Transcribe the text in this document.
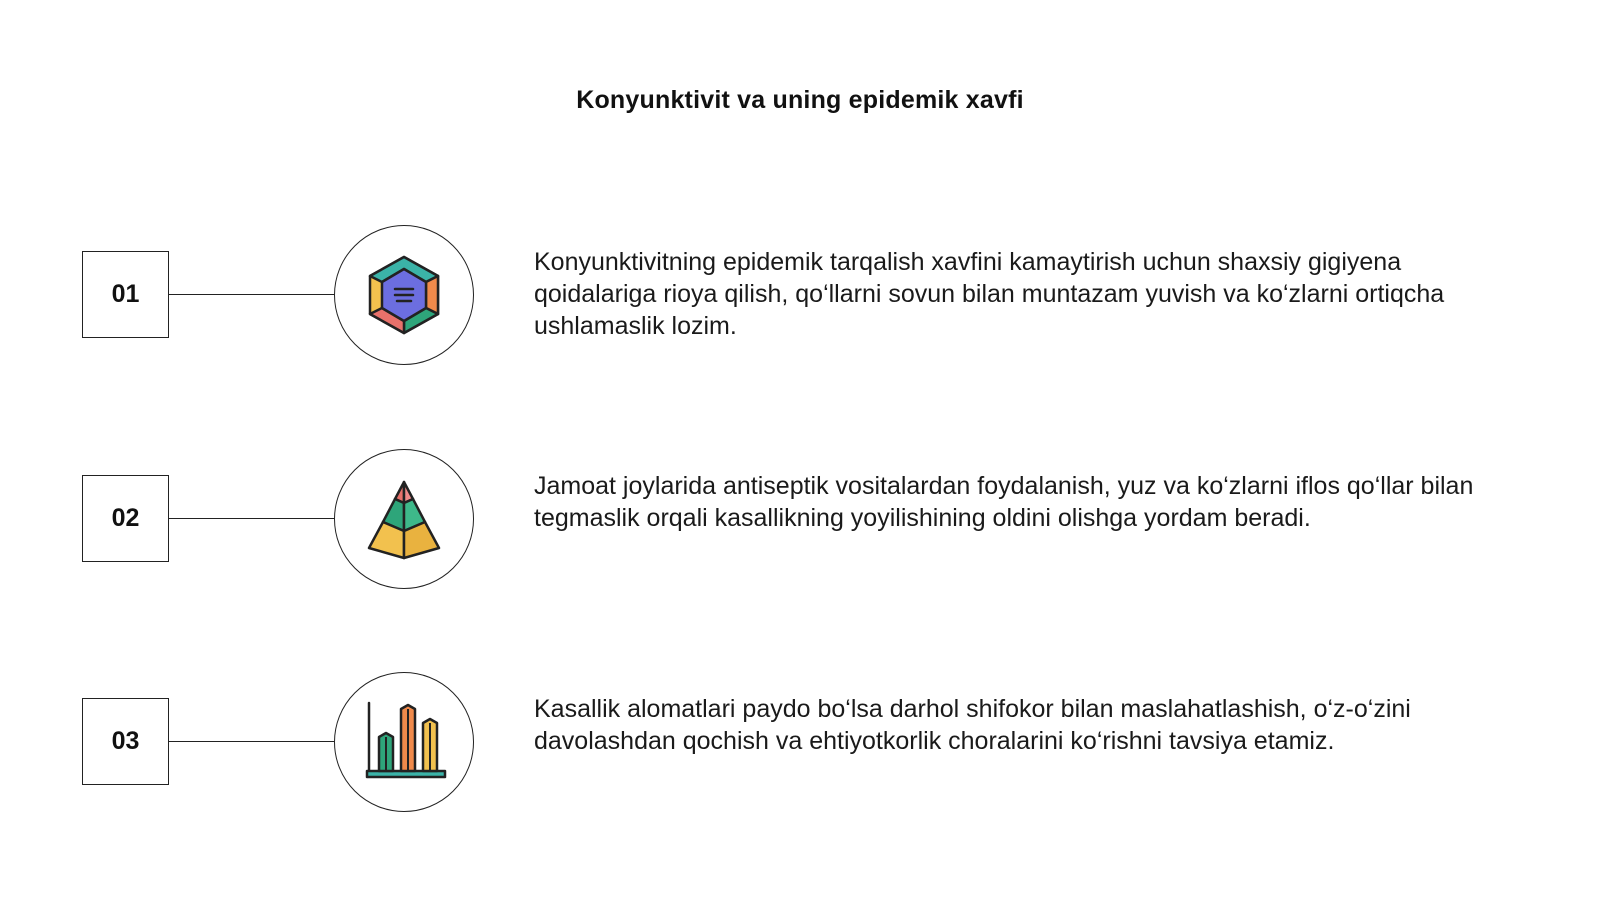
Konyunktivit va uning epidemik xavfi
01
Konyunktivitning epidemik tarqalish xavfini kamaytirish uchun shaxsiy gigiyena qoidalariga rioya qilish, qo‘llarni sovun bilan muntazam yuvish va ko‘zlarni ortiqcha ushlamaslik lozim.
02
Jamoat joylarida antiseptik vositalardan foydalanish, yuz va ko‘zlarni iflos qo‘llar bilan tegmaslik orqali kasallikning yoyilishining oldini olishga yordam beradi.
03
Kasallik alomatlari paydo bo‘lsa darhol shifokor bilan maslahatlashish, o‘z-o‘zini davolashdan qochish va ehtiyotkorlik choralarini ko‘rishni tavsiya etamiz.
